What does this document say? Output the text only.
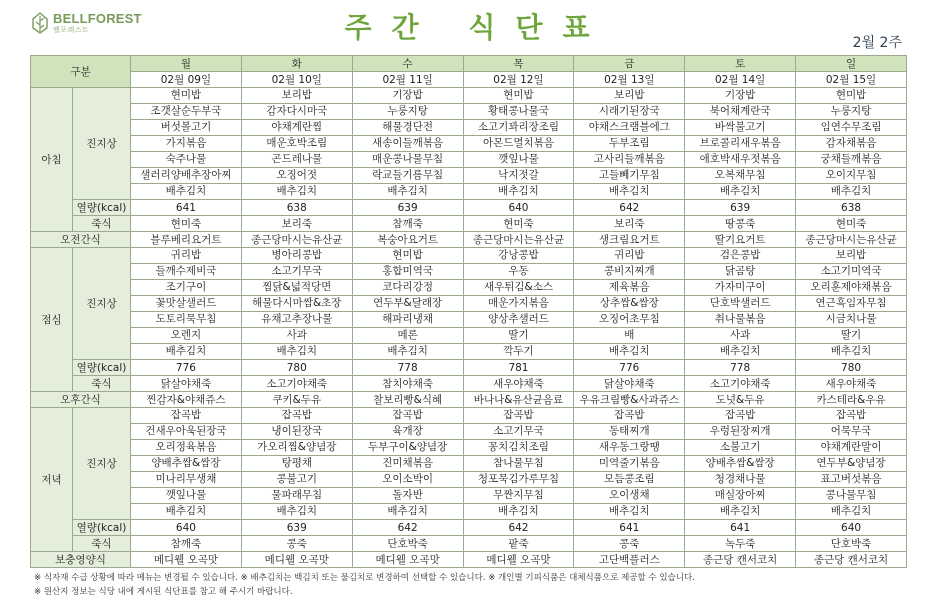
BELLFOREST
벨포레스트	주간 식단표	2월 2주
구분		월	화	수	목	금	토	일
		02월 09일	02월 10일	02월 11일	02월 12일	02월 13일	02월 14일	02월 15일
아침	진지상	현미밥	보리밥	기장밥	현미밥	보리밥	기장밥	현미밥
		조갯살순두부국	감자다시마국	누룽지탕	황태콩나물국	시래기된장국	북어채계란국	누룽지탕
		버섯볼고기	야채계란찜	해물경단전	소고기꽈리장조림	야채스크램블에그	바싹불고기	임연수무조림
		가지볶음	매운호박조림	새송이들깨볶음	아몬드멸치볶음	두부조림	브로콜리새우볶음	감자채볶음
		숙주나물	곤드레나물	매운콩나물무침	깻잎나물	고사리들깨볶음	애호박새우젓볶음	궁채들깨볶음
		샐러리양배추장아찌	오징어젓	락교들기름무침	낙지젓갈	고들빼기무침	오복채무침	오이지무침
		배추김치	배추김치	배추김치	배추김치	배추김치	배추김치	배추김치
	열량(kcal)	641	638	639	640	642	639	638
	죽식	현미죽	보리죽	참깨죽	현미죽	보리죽	땅콩죽	현미죽
오전간식		블루베리요거트	종근당마시는유산균	복숭아요거트	종근당마시는유산균	생크림요거트	딸기요거트	종근당마시는유산균
점심	진지상	귀리밥	병아리콩밥	현미밥	강낭콩밥	귀리밥	검은콩밥	보리밥
		들깨수제비국	소고기무국	홍합미역국	우동	콩비지찌개	닭곰탕	소고기미역국
		조기구이	찜닭&넓적당면	코다리강정	새우튀김&소스	제육볶음	가자미구이	오리훈제야채볶음
		꽃맛살샐러드	해물다시마쌈&초장	연두부&달래장	매운가지볶음	상추쌈&쌈장	단호박샐러드	연근흑임자무침
		도토리묵무침	유채고추장나물	해파리냉채	양상추샐러드	오징어초무침	취나물볶음	시금치나물
		오렌지	사과	메론	딸기	배	사과	딸기
		배추김치	배추김치	배추김치	깍두기	배추김치	배추김치	배추김치
	열량(kcal)	776	780	778	781	776	778	780
	죽식	닭살야채죽	소고기야채죽	참치야채죽	새우야채죽	닭살야채죽	소고기야채죽	새우야채죽
오후간식		찐감자&야채쥬스	쿠키&두유	찰보리빵&식혜	바나나&유산균음료	우유크림빵&사과쥬스	도넛&두유	카스테라&우유
저녁	진지상	잡곡밥	잡곡밥	잡곡밥	잡곡밥	잡곡밥	잡곡밥	잡곡밥
		건새우아욱된장국	냉이된장국	육개장	소고기무국	동태찌개	우렁된장찌개	어묵무국
		오리정육볶음	가오리찜&양념장	두부구이&양념장	꽁치김치조림	새우동그랑땡	소불고기	야채계란말이
		양배추쌈&쌈장	탕평채	진미채볶음	참나물무침	미역줄기볶음	양배추쌈&쌈장	연두부&양념장
		미나리무생채	콩불고기	오이소박이	청포묵김가루무침	모듬콩조림	청경채나물	표고버섯볶음
		깻잎나물	물파래무침	돌자반	무짠지무침	오이생채	매실장아찌	콩나물무침
		배추김치	배추김치	배추김치	배추김치	배추김치	배추김치	배추김치
	열량(kcal)	640	639	642	642	641	641	640
	죽식	참깨죽	콩죽	단호박죽	팥죽	콩죽	녹두죽	단호박죽
보충영양식		메디웰 오곡맛	메디웰 오곡맛	메디웰 오곡맛	메디웰 오곡맛	고단백플러스	종근당 캔서코치	종근당 캔서코치
※ 식자재 수급 상황에 따라 메뉴는 변경될 수 있습니다. ※ 배추김치는 백김치 또는 물김치로 변경하여 선택할 수 있습니다. ※ 개인별 기피식품은 대체식품으로 제공할 수 있습니다.
※ 원산지 정보는 식당 내에 게시된 식단표를 참고 해 주시기 바랍니다.
